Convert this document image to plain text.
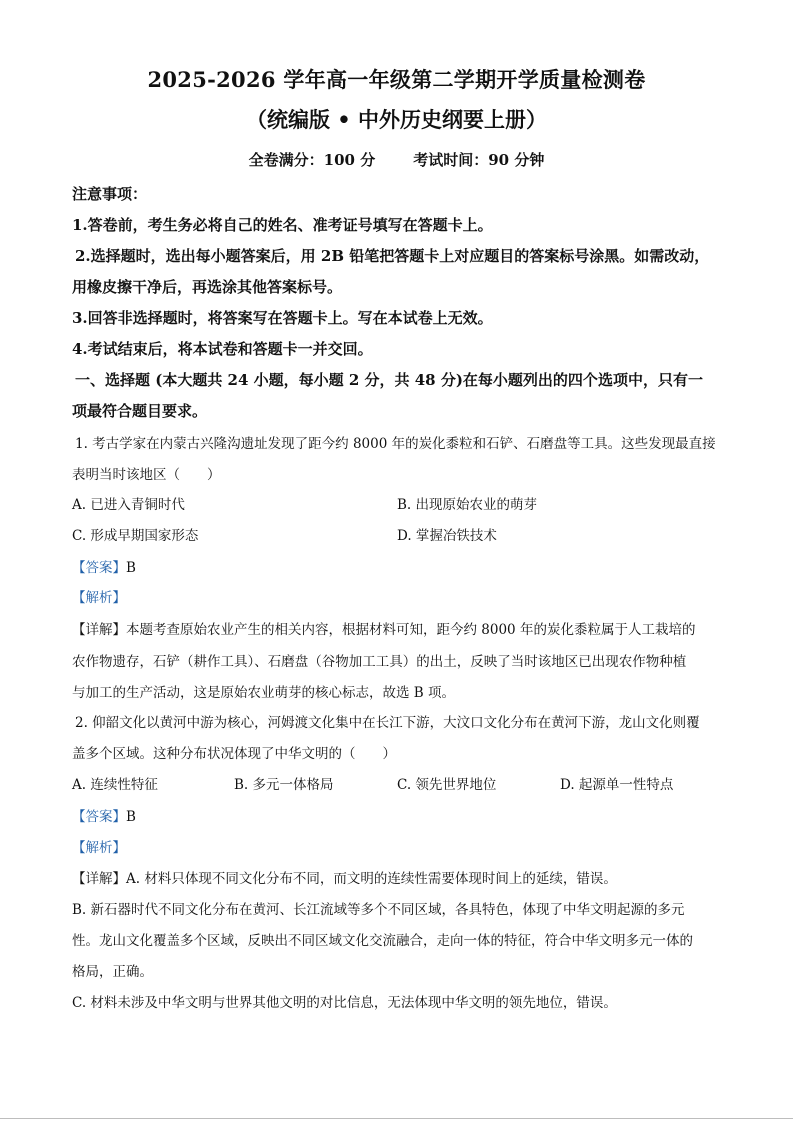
2025-2026 学年高一年级第二学期开学质量检测卷
（统编版 • 中外历史纲要上册）
全卷满分：100 分	考试时间：90 分钟
注意事项：
1.答卷前，考生务必将自己的姓名、准考证号填写在答题卡上。
2.选择题时，选出每小题答案后，用 2B 铅笔把答题卡上对应题目的答案标号涂黑。如需改动，
用橡皮擦干净后，再选涂其他答案标号。
3.回答非选择题时，将答案写在答题卡上。写在本试卷上无效。
4.考试结束后，将本试卷和答题卡一并交回。
一、选择题 (本大题共 24 小题，每小题 2 分，共 48 分)在每小题列出的四个选项中，只有一
项最符合题目要求。
1. 考古学家在内蒙古兴隆沟遗址发现了距今约 8000 年的炭化黍粒和石铲、石磨盘等工具。这些发现最直接
表明当时该地区（　　）
A. 已进入青铜时代	B. 出现原始农业的萌芽
C. 形成早期国家形态	D. 掌握冶铁技术
【答案】B
【解析】
【详解】本题考查原始农业产生的相关内容，根据材料可知，距今约 8000 年的炭化黍粒属于人工栽培的
农作物遗存，石铲（耕作工具）、石磨盘（谷物加工工具）的出土，反映了当时该地区已出现农作物种植
与加工的生产活动，这是原始农业萌芽的核心标志，故选 B 项。
2. 仰韶文化以黄河中游为核心，河姆渡文化集中在长江下游，大汶口文化分布在黄河下游，龙山文化则覆
盖多个区域。这种分布状况体现了中华文明的（　　）
A. 连续性特征	B. 多元一体格局	C. 领先世界地位	D. 起源单一性特点
【答案】B
【解析】
【详解】A. 材料只体现不同文化分布不同，而文明的连续性需要体现时间上的延续，错误。
B. 新石器时代不同文化分布在黄河、长江流域等多个不同区域，各具特色，体现了中华文明起源的多元
性。龙山文化覆盖多个区域，反映出不同区域文化交流融合，走向一体的特征，符合中华文明多元一体的
格局，正确。
C. 材料未涉及中华文明与世界其他文明的对比信息，无法体现中华文明的领先地位，错误。
